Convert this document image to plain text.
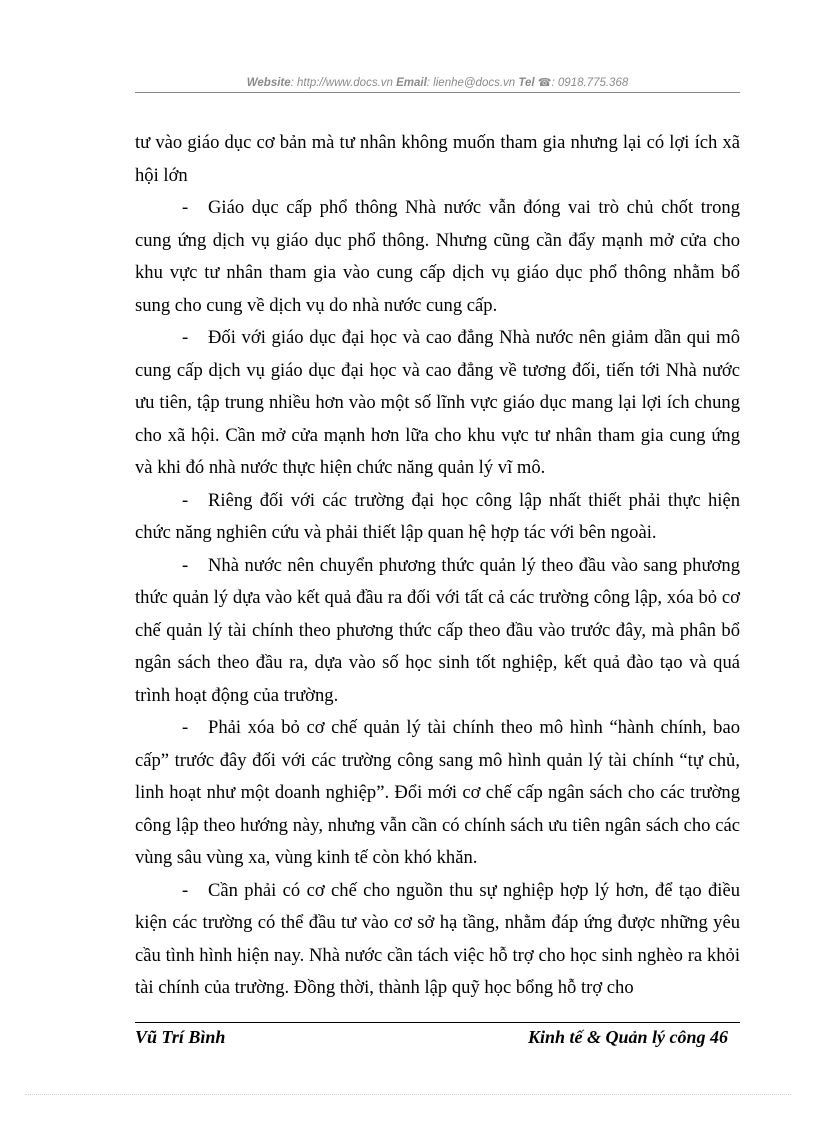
Website: http://www.docs.vn Email: lienhe@docs.vn Tel ☎: 0918.775.368

tư vào giáo dục cơ bản mà tư nhân không muốn tham gia nhưng lại có lợi ích xã hội lớn

- Giáo dục cấp phổ thông Nhà nước vẫn đóng vai trò chủ chốt trong cung ứng dịch vụ giáo dục phổ thông. Nhưng cũng cần đẩy mạnh mở cửa cho khu vực tư nhân tham gia vào cung cấp dịch vụ giáo dục phổ thông nhằm bổ sung cho cung về dịch vụ do nhà nước cung cấp.

- Đối với giáo dục đại học và cao đẳng Nhà nước nên giảm dần qui mô cung cấp dịch vụ giáo dục đại học và cao đẳng về tương đối, tiến tới Nhà nước ưu tiên, tập trung nhiều hơn vào một số lĩnh vực giáo dục mang lại lợi ích chung cho xã hội. Cần mở cửa mạnh hơn lữa cho khu vực tư nhân tham gia cung ứng và khi đó nhà nước thực hiện chức năng quản lý vĩ mô.

- Riêng đối với các trường đại học công lập nhất thiết phải thực hiện chức năng nghiên cứu và phải thiết lập quan hệ hợp tác với bên ngoài.

- Nhà nước nên chuyển phương thức quản lý theo đầu vào sang phương thức quản lý dựa vào kết quả đầu ra đối với tất cả các trường công lập, xóa bỏ cơ chế quản lý tài chính theo phương thức cấp theo đầu vào trước đây, mà phân bổ ngân sách theo đầu ra, dựa vào số học sinh tốt nghiệp, kết quả đào tạo và quá trình hoạt động của trường.

- Phải xóa bỏ cơ chế quản lý tài chính theo mô hình “hành chính, bao cấp” trước đây đối với các trường công sang mô hình quản lý tài chính “tự chủ, linh hoạt như một doanh nghiệp”. Đổi mới cơ chế cấp ngân sách cho các trường công lập theo hướng này, nhưng vẫn cần có chính sách ưu tiên ngân sách cho các vùng sâu vùng xa, vùng kinh tế còn khó khăn.

- Cần phải có cơ chế cho nguồn thu sự nghiệp hợp lý hơn, để tạo điều kiện các trường có thể đầu tư vào cơ sở hạ tầng, nhằm đáp ứng được những yêu cầu tình hình hiện nay. Nhà nước cần tách việc hỗ trợ cho học sinh nghèo ra khỏi tài chính của trường. Đồng thời, thành lập quỹ học bổng hỗ trợ cho

Vũ Trí Bình	Kinh tế & Quản lý công 46
